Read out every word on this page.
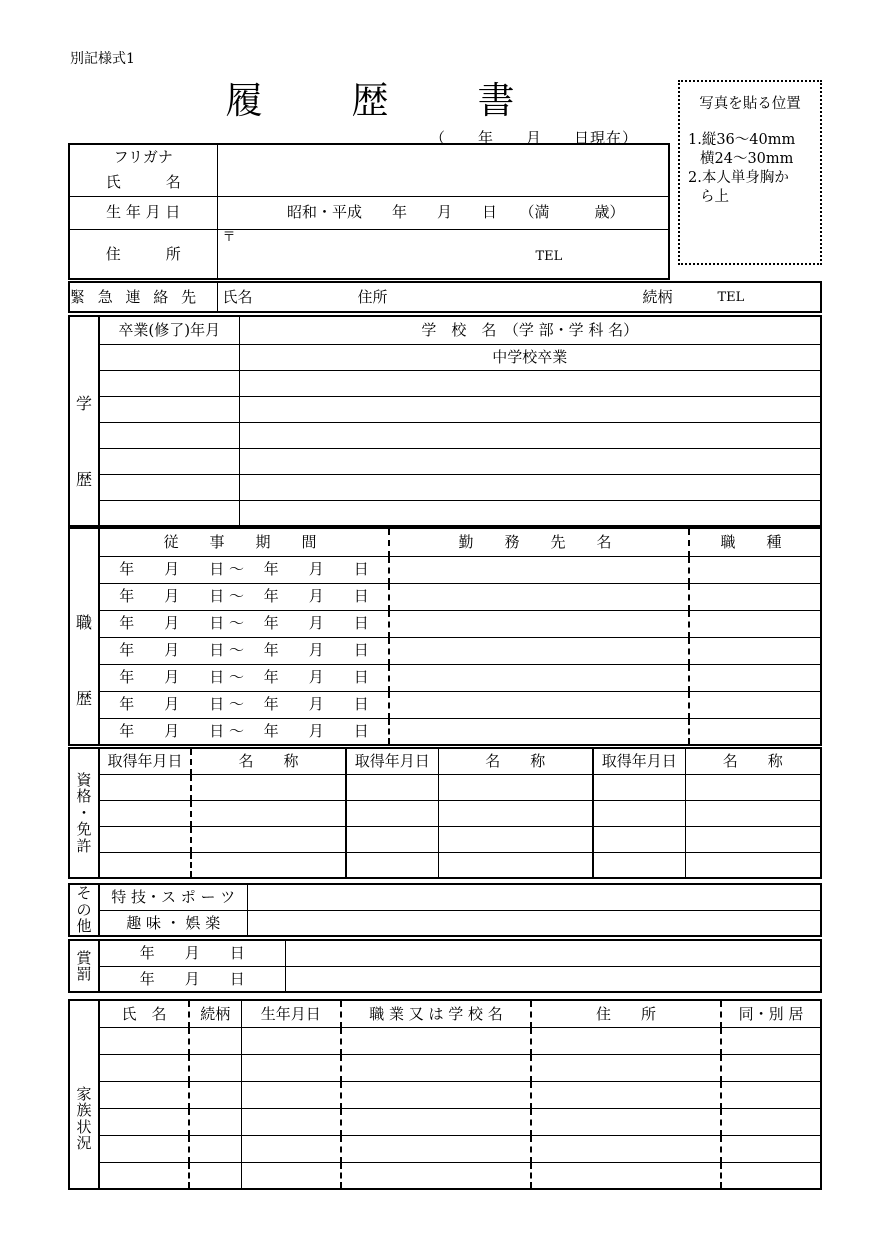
別記様式1
履　歴　書
（　　年　　月　　日現在）
写真を貼る位置
1.縦36〜40mm
横24〜30mm
2.本人単身胸か
ら上
フリガナ	
氏　　　名	
生 年 月 日	昭和・平成　　年　　月　　日　　（満　　　歳）
住　　　所	〒
TEL
緊 急 連 絡 先	氏名	住所	続柄	TEL
学
歴	卒業(修了)年月	学　校　名　（学 部・学 科 名）
		中学校卒業

職
歴	従　事　期　間	勤　務　先　名	職　種
	年　　月　　日 ～ 　年　　月　　日		
	年　　月　　日 ～ 　年　　月　　日		
	年　　月　　日 ～ 　年　　月　　日		
	年　　月　　日 ～ 　年　　月　　日		
	年　　月　　日 ～ 　年　　月　　日		
	年　　月　　日 ～ 　年　　月　　日		
	年　　月　　日 ～ 　年　　月　　日		
資
格
・
免
許	取得年月日	名　　称	取得年月日	名　　称	取得年月日	名　　称

そ
の
他	特 技・ス ポ ー ツ	
	趣 味 ・ 娯 楽	
賞
罰	年　　月　　日	
	年　　月　　日	
家
族
状
況	氏　名	続柄	生年月日	職 業 又 は 学 校 名	住　　所	同・別 居
